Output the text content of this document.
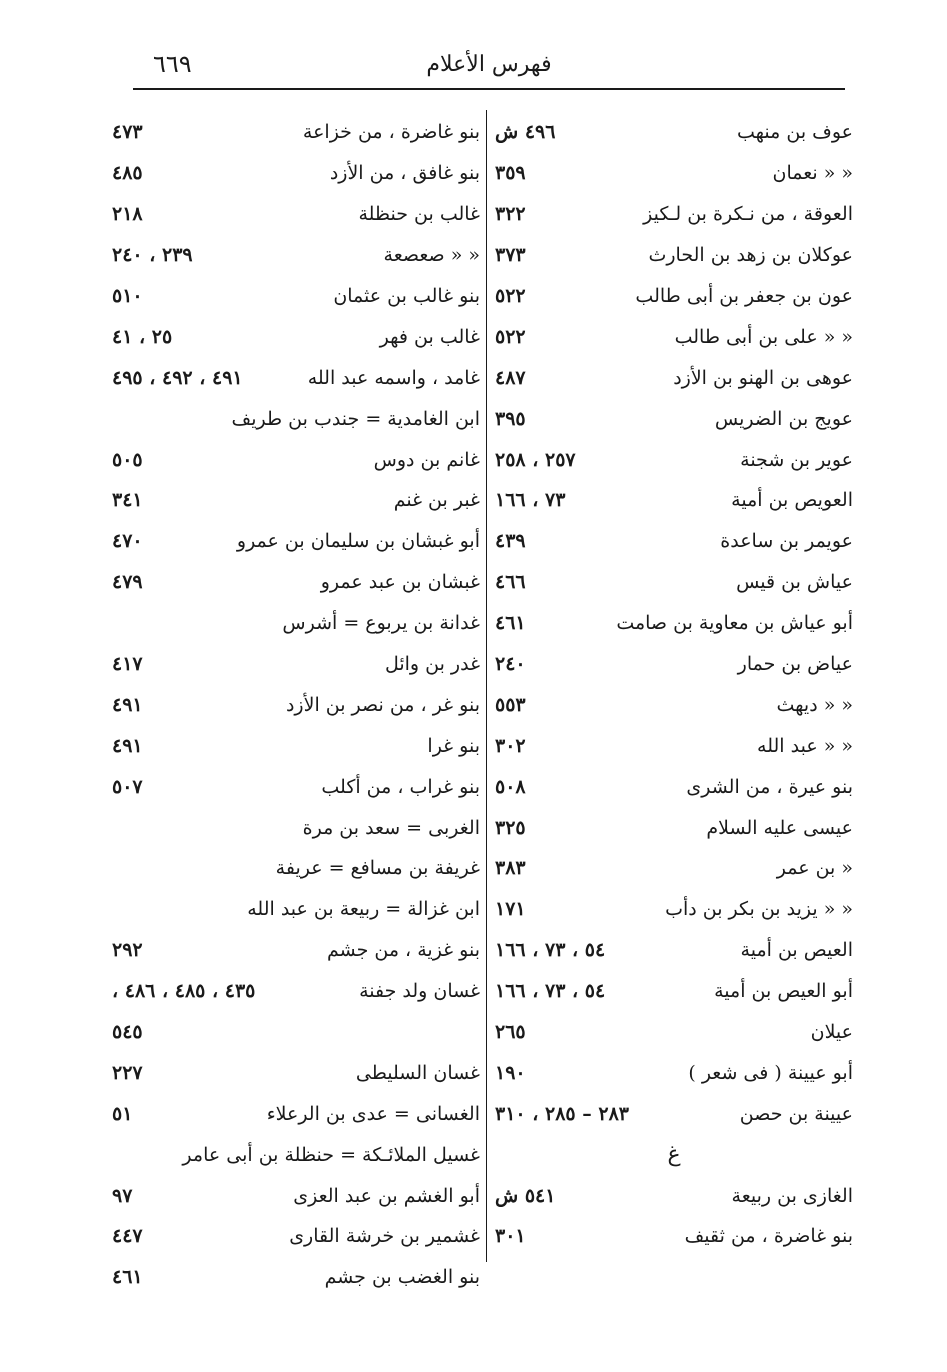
٦٦٩	فهرس الأعلام
عوف بن منهب
٤٩٦ ش
« « نعمان
٣٥٩
العوقة ، من نـكرة بن لـكيز
٣٢٢
عوكلان بن زهد بن الحارث
٣٧٣
عون بن جعفر بن أبى طالب
٥٢٢
« « على بن أبى طالب
٥٢٢
عوهى بن الهنو بن الأزد
٤٨٧
عويج بن الضريس
٣٩٥
عوير بن شجنة
٢٥٧ ، ٢٥٨
العويص بن أمية
٧٣ ، ١٦٦
عويمر بن ساعدة
٤٣٩
عياش بن قيس
٤٦٦
أبو عياش بن معاوية بن صامت
٤٦١
عياض بن حمار
٢٤٠
« « ديهث
٥٥٣
« « عبد الله
٣٠٢
بنو عيرة ، من الشرى
٥٠٨
عيسى عليه السلام
٣٢٥
« بن عمر
٣٨٣
« « يزيد بن بكر بن دأب
١٧١
العيص بن أمية
٥٤ ، ٧٣ ، ١٦٦
أبو العيص بن أمية
٥٤ ، ٧٣ ، ١٦٦
عيلان
٢٦٥
أبو عيينة ( فى شعر )
١٩٠
عيينة بن حصن
٢٨٣ – ٢٨٥ ، ٣١٠
غ
الغازى بن ربيعة
٥٤١ ش
بنو غاضرة ، من ثقيف
٣٠١
بنو غاضرة ، من خزاعة
٤٧٣
بنو غافق ، من الأزد
٤٨٥
غالب بن حنظلة
٢١٨
« « صعصعة
٢٣٩ ، ٢٤٠
بنو غالب بن عثمان
٥١٠
غالب بن فهر
٢٥ ، ٤١
غامد ، واسمه عبد الله
٤٩١ ، ٤٩٢ ، ٤٩٥
ابن الغامدية = جندب بن طريف
غانم بن دوس
٥٠٥
غبر بن غنم
٣٤١
أبو غبشان بن سليمان بن عمرو
٤٧٠
غبشان بن عبد عمرو
٤٧٩
غدانة بن يربوع = أشرس
غدر بن وائل
٤١٧
بنو غر ، من نصر بن الأزد
٤٩١
بنو غرا
٤٩١
بنو غراب ، من أكلب
٥٠٧
الغربى = سعد بن مرة
غريفة بن مسافع = عريفة
ابن غزالة = ربيعة بن عبد الله
بنو غزية ، من جشم
٢٩٢
غسان ولد جفنة
٤٣٥ ، ٤٨٥ ، ٤٨٦ ،
٥٤٥
غسان السليطى
٢٢٧
الغسانى = عدى بن الرعلاء
٥١
غسيل الملائـكة = حنظلة بن أبى عامر
أبو الغشم بن عبد العزى
٩٧
غشمير بن خرشة القارى
٤٤٧
بنو الغضب بن جشم
٤٦١
